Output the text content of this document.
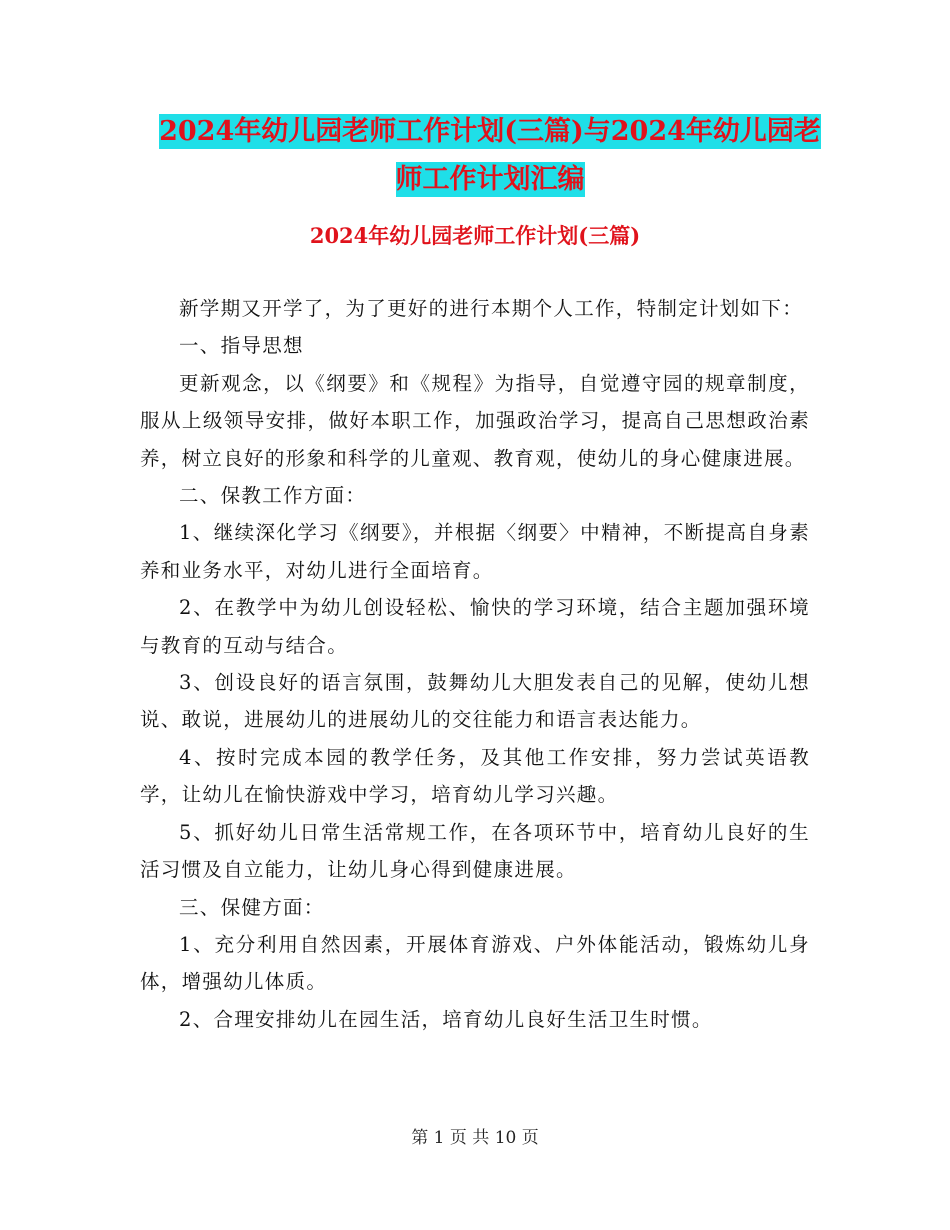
2024年幼儿园老师工作计划(三篇)与2024年幼儿园老
师工作计划汇编
2024年幼儿园老师工作计划(三篇)

新学期又开学了，为了更好的进行本期个人工作，特制定计划如下：

一、指导思想

更新观念，以《纲要》和《规程》为指导，自觉遵守园的规章制度，服从上级领导安排，做好本职工作，加强政治学习，提高自己思想政治素养，树立良好的形象和科学的儿童观、教育观，使幼儿的身心健康进展。

二、保教工作方面：

1、继续深化学习《纲要》，并根据〈纲要〉中精神，不断提高自身素养和业务水平，对幼儿进行全面培育。

2、在教学中为幼儿创设轻松、愉快的学习环境，结合主题加强环境与教育的互动与结合。

3、创设良好的语言氛围，鼓舞幼儿大胆发表自己的见解，使幼儿想说、敢说，进展幼儿的进展幼儿的交往能力和语言表达能力。

4、按时完成本园的教学任务，及其他工作安排，努力尝试英语教学，让幼儿在愉快游戏中学习，培育幼儿学习兴趣。

5、抓好幼儿日常生活常规工作，在各项环节中，培育幼儿良好的生活习惯及自立能力，让幼儿身心得到健康进展。

三、保健方面：

1、充分利用自然因素，开展体育游戏、户外体能活动，锻炼幼儿身体，增强幼儿体质。

2、合理安排幼儿在园生活，培育幼儿良好生活卫生时惯。

第 1 页 共 10 页
